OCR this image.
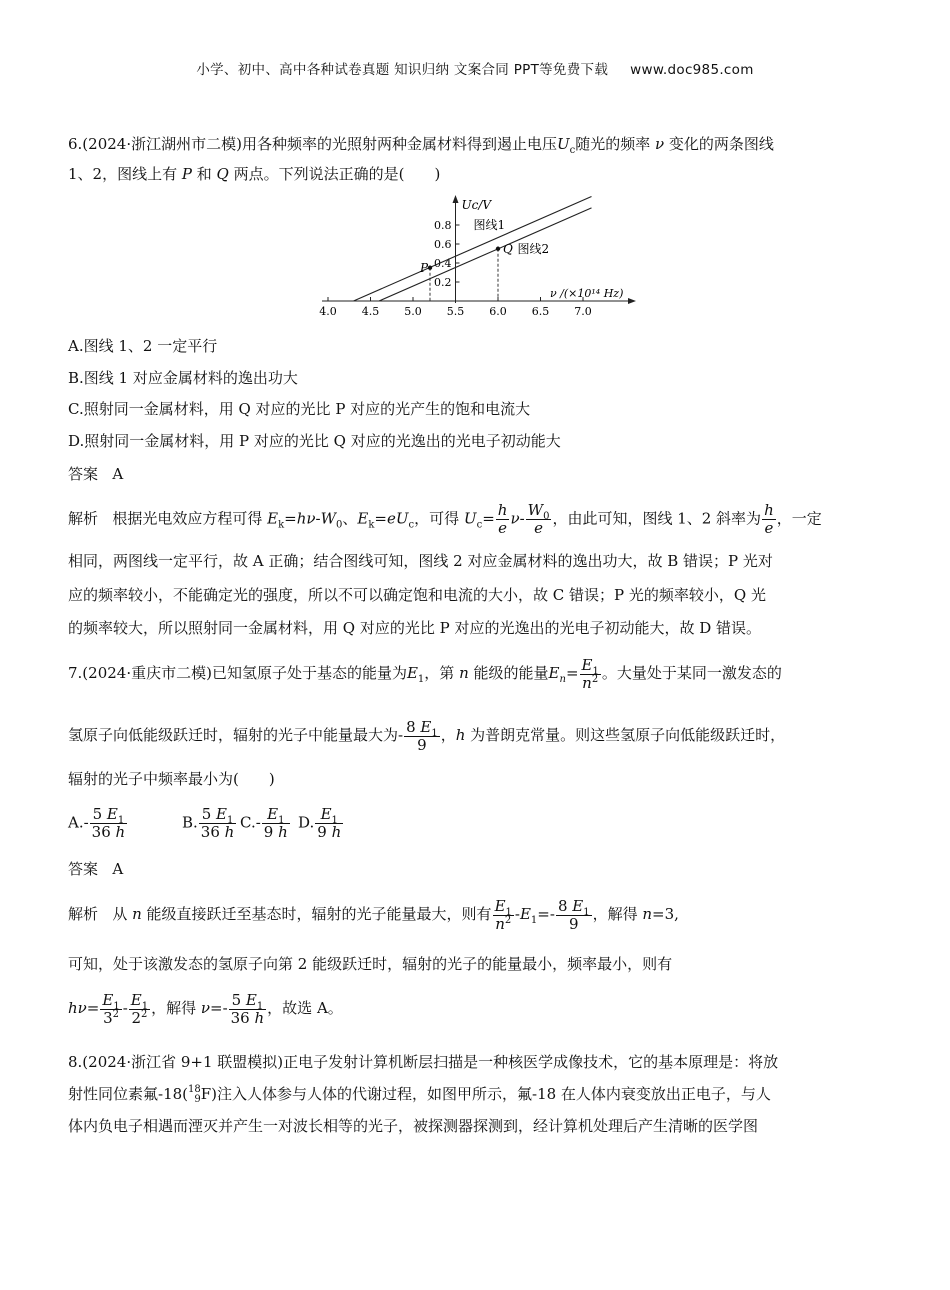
小学、初中、高中各种试卷真题 知识归纳 文案合同 PPT等免费下载 www.doc985.com
6.(2024·浙江湖州市二模)用各种频率的光照射两种金属材料得到遏止电压$U_c$随光的频率 ν 变化的两条图线
1、2，图线上有 P 和 Q 两点。下列说法正确的是(　　)
Uc/V
ν /(×10¹⁴ Hz)
4.0 4.5 5.0 5.5 6.0 6.5 7.0
0.8
0.6
0.4
0.2
图线1
图线2
P
Q
A.图线 1、2 一定平行
B.图线 1 对应金属材料的逸出功大
C.照射同一金属材料，用 Q 对应的光比 P 对应的光产生的饱和电流大
D.照射同一金属材料，用 P 对应的光比 Q 对应的光逸出的光电子初动能大
答案 A
解析 根据光电效应方程可得 $E_k=h\nu-W_0$、$E_k=eU_c$，可得 $U_c= \frac{h}{e} \nu- \frac{W_0}{e}$ ，由此可知，图线 1、2 斜率为 $\frac{h}{e}$ ，一定
相同，两图线一定平行，故 A 正确；结合图线可知，图线 2 对应金属材料的逸出功大，故 B 错误；P 光对
应的频率较小，不能确定光的强度，所以不可以确定饱和电流的大小，故 C 错误；P 光的频率较小，Q 光
的频率较大，所以照射同一金属材料，用 Q 对应的光比 P 对应的光逸出的光电子初动能大，故 D 错误。
7.(2024·重庆市二模)已知氢原子处于基态的能量为$E_1$，第 n 能级的能量$E_n= \frac{E_1}{n^2}$ 。大量处于某同一激发态的
氢原子向低能级跃迁时，辐射的光子中能量最大为- $\frac{8 E_1}{9}$ ，h 为普朗克常量。则这些氢原子向低能级跃迁时，
辐射的光子中频率最小为(　　)
$A.- \frac{5 E_1}{36 h}$	B. $\frac{5 E_1}{36 h} C.- \frac{E_1}{9 h} D$. $\frac{E_1}{9 h}$
答案 A
解析 从 n 能级直接跃迁至基态时，辐射的光子能量最大，则有 $\frac{E_1}{n^2} -E_1=- \frac{8 E_1}{9}$ ，解得 n=3,
可知，处于该激发态的氢原子向第 2 能级跃迁时，辐射的光子的能量最小，频率最小，则有
$h\nu= \frac{E_1}{3^2} - \frac{E_1}{2^2}$ ，解得 $\nu=- \frac{5 E_1}{36 h}$ ，故选 A。
8.(2024·浙江省 9+1 联盟模拟)正电子发射计算机断层扫描是一种核医学成像技术，它的基本原理是：将放
射性同位素氟-18( 18
9 F)注入人体参与人体的代谢过程，如图甲所示，氟-18 在人体内衰变放出正电子，与人
体内负电子相遇而湮灭并产生一对波长相等的光子，被探测器探测到，经计算机处理后产生清晰的医学图
